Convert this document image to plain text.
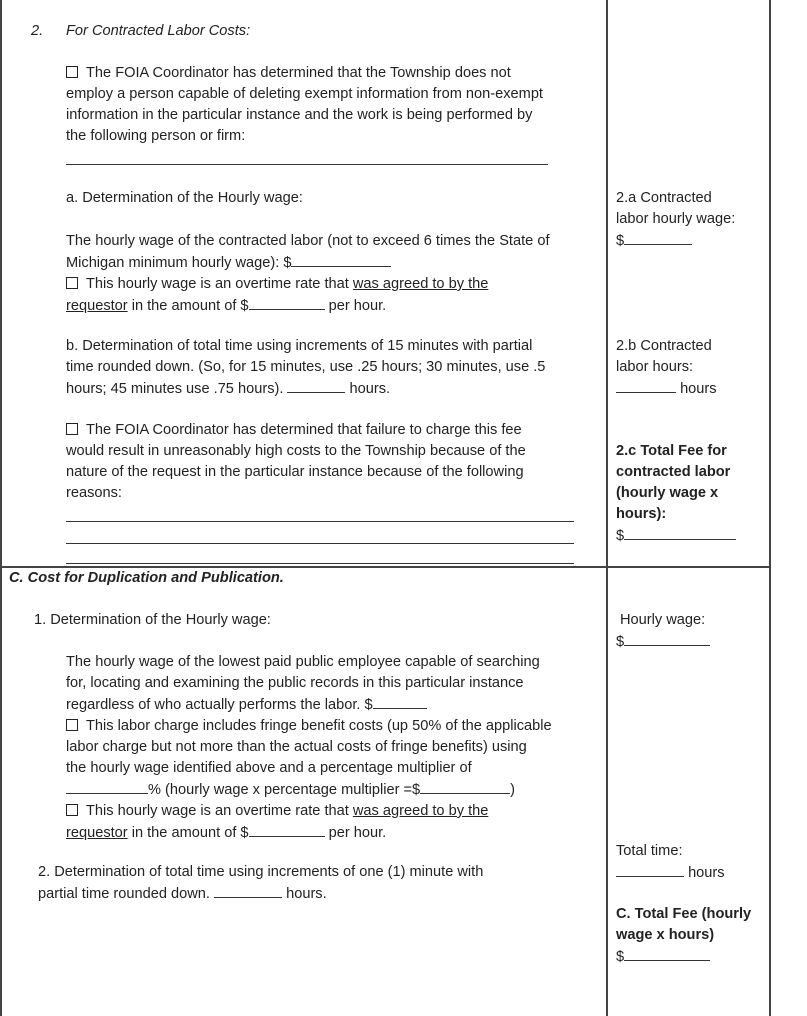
2. For Contracted Labor Costs:
The FOIA Coordinator has determined that the Township does not
employ a person capable of deleting exempt information from non-exempt
information in the particular instance and the work is being performed by
the following person or firm:
a. Determination of the Hourly wage:
The hourly wage of the contracted labor (not to exceed 6 times the State of
Michigan minimum hourly wage): $
This hourly wage is an overtime rate that was agreed to by the
requestor in the amount of $	per hour.
b. Determination of total time using increments of 15 minutes with partial
time rounded down. (So, for 15 minutes, use .25 hours; 30 minutes, use .5
hours; 45 minutes use .75 hours).	hours.
The FOIA Coordinator has determined that failure to charge this fee
would result in unreasonably high costs to the Township because of the
nature of the request in the particular instance because of the following
reasons:
2.a Contracted
labor hourly wage:
$
2.b Contracted
labor hours:
hours
2.c Total Fee for
contracted labor
(hourly wage x
hours):
$
C. Cost for Duplication and Publication.
1. Determination of the Hourly wage:
The hourly wage of the lowest paid public employee capable of searching
for, locating and examining the public records in this particular instance
regardless of who actually performs the labor. $
This labor charge includes fringe benefit costs (up 50% of the applicable
labor charge but not more than the actual costs of fringe benefits) using
the hourly wage identified above and a percentage multiplier of
% (hourly wage x percentage multiplier =$	)
This hourly wage is an overtime rate that was agreed to by the
requestor in the amount of $	per hour.
2. Determination of total time using increments of one (1) minute with
partial time rounded down.	hours.
Hourly wage:
$
Total time:
hours
C. Total Fee (hourly
wage x hours)
$
